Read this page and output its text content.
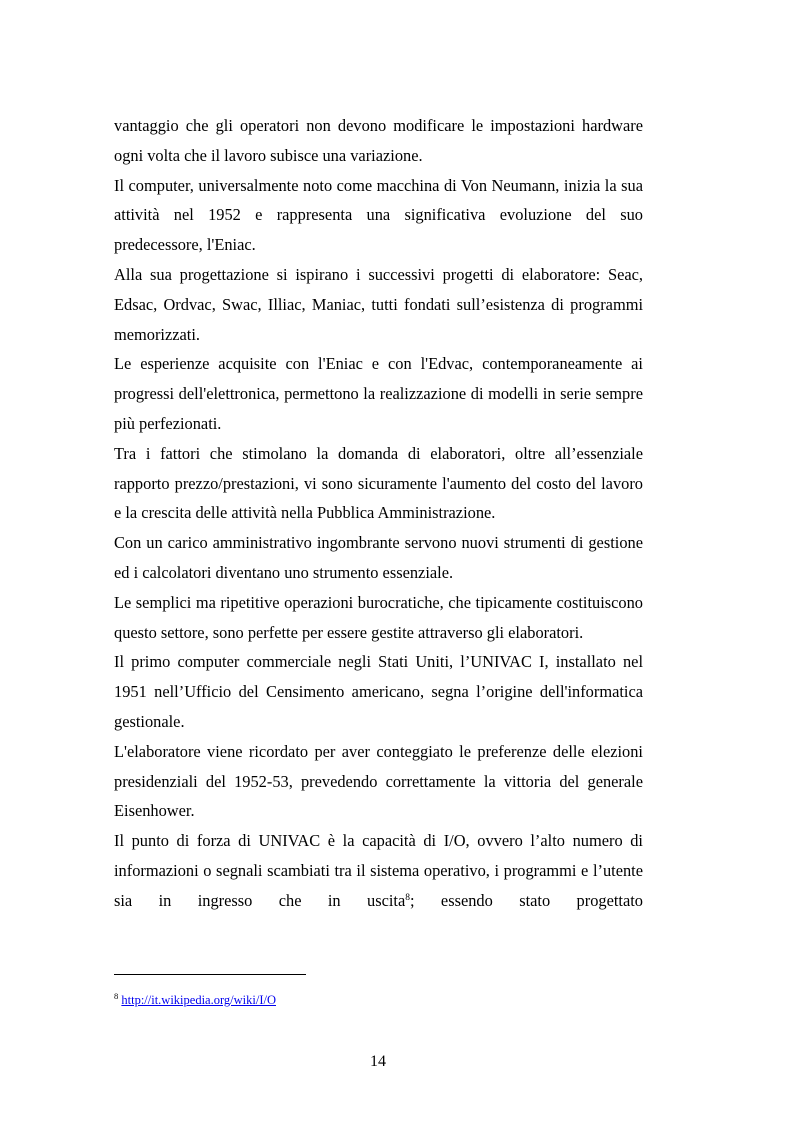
vantaggio che gli operatori non devono modificare le impostazioni hardware ogni volta che il lavoro subisce una variazione.

Il computer, universalmente noto come macchina di Von Neumann, inizia la sua attività nel 1952 e rappresenta una significativa evoluzione del suo predecessore, l'Eniac.

Alla sua progettazione si ispirano i successivi progetti di elaboratore: Seac, Edsac, Ordvac, Swac, Illiac, Maniac, tutti fondati sull’esistenza di programmi memorizzati.

Le esperienze acquisite con l'Eniac e con l'Edvac, contemporaneamente ai progressi dell'elettronica, permettono la realizzazione di modelli in serie sempre più perfezionati.

Tra i fattori che stimolano la domanda di elaboratori, oltre all’essenziale rapporto prezzo/prestazioni, vi sono sicuramente l'aumento del costo del lavoro e la crescita delle attività nella Pubblica Amministrazione.

Con un carico amministrativo ingombrante servono nuovi strumenti di gestione ed i calcolatori diventano uno strumento essenziale.

Le semplici ma ripetitive operazioni burocratiche, che tipicamente costituiscono questo settore, sono perfette per essere gestite attraverso gli elaboratori.

Il primo computer commerciale negli Stati Uniti, l’UNIVAC I, installato nel 1951 nell’Ufficio del Censimento americano, segna l’origine dell'informatica gestionale.

L'elaboratore viene ricordato per aver conteggiato le preferenze delle elezioni presidenziali del 1952-53, prevedendo correttamente la vittoria del generale Eisenhower.

Il punto di forza di UNIVAC è la capacità di I/O, ovvero l’alto numero di informazioni o segnali scambiati tra il sistema operativo, i programmi e l’utente sia in ingresso che in uscita$^8$; essendo stato progettato

$^8$ http://it.wikipedia.org/wiki/I/O
14
